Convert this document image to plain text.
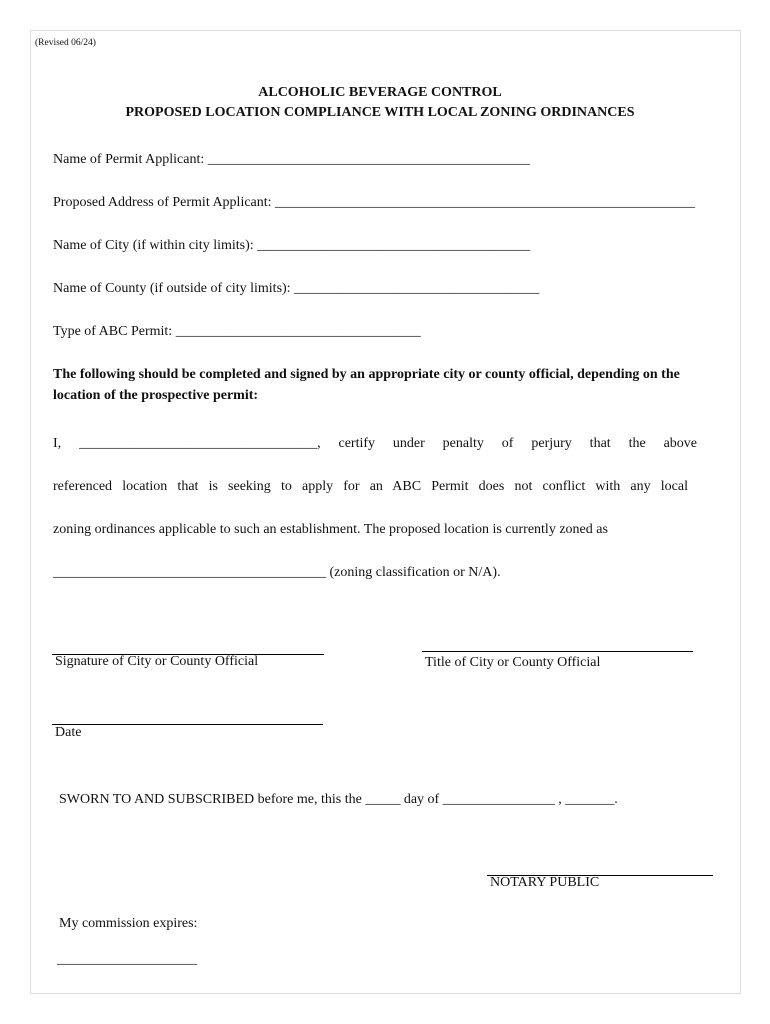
(Revised 06/24)
ALCOHOLIC BEVERAGE CONTROL
PROPOSED LOCATION COMPLIANCE WITH LOCAL ZONING ORDINANCES
Name of Permit Applicant: ______________________________________________
Proposed Address of Permit Applicant: ____________________________________________________________
Name of City (if within city limits): _______________________________________
Name of County (if outside of city limits): ___________________________________
Type of ABC Permit: ___________________________________
The following should be completed and signed by an appropriate city or county official, depending on the
location of the prospective permit:
I, __________________________________, certify under penalty of perjury that the above
referenced location that is seeking to apply for an ABC Permit does not conflict with any local
zoning ordinances applicable to such an establishment. The proposed location is currently zoned as
_______________________________________ (zoning classification or N/A).
Signature of City or County Official	Title of City or County Official
Date
SWORN TO AND SUBSCRIBED before me, this the _____ day of ________________ , _______.
NOTARY PUBLIC
My commission expires:
____________________
